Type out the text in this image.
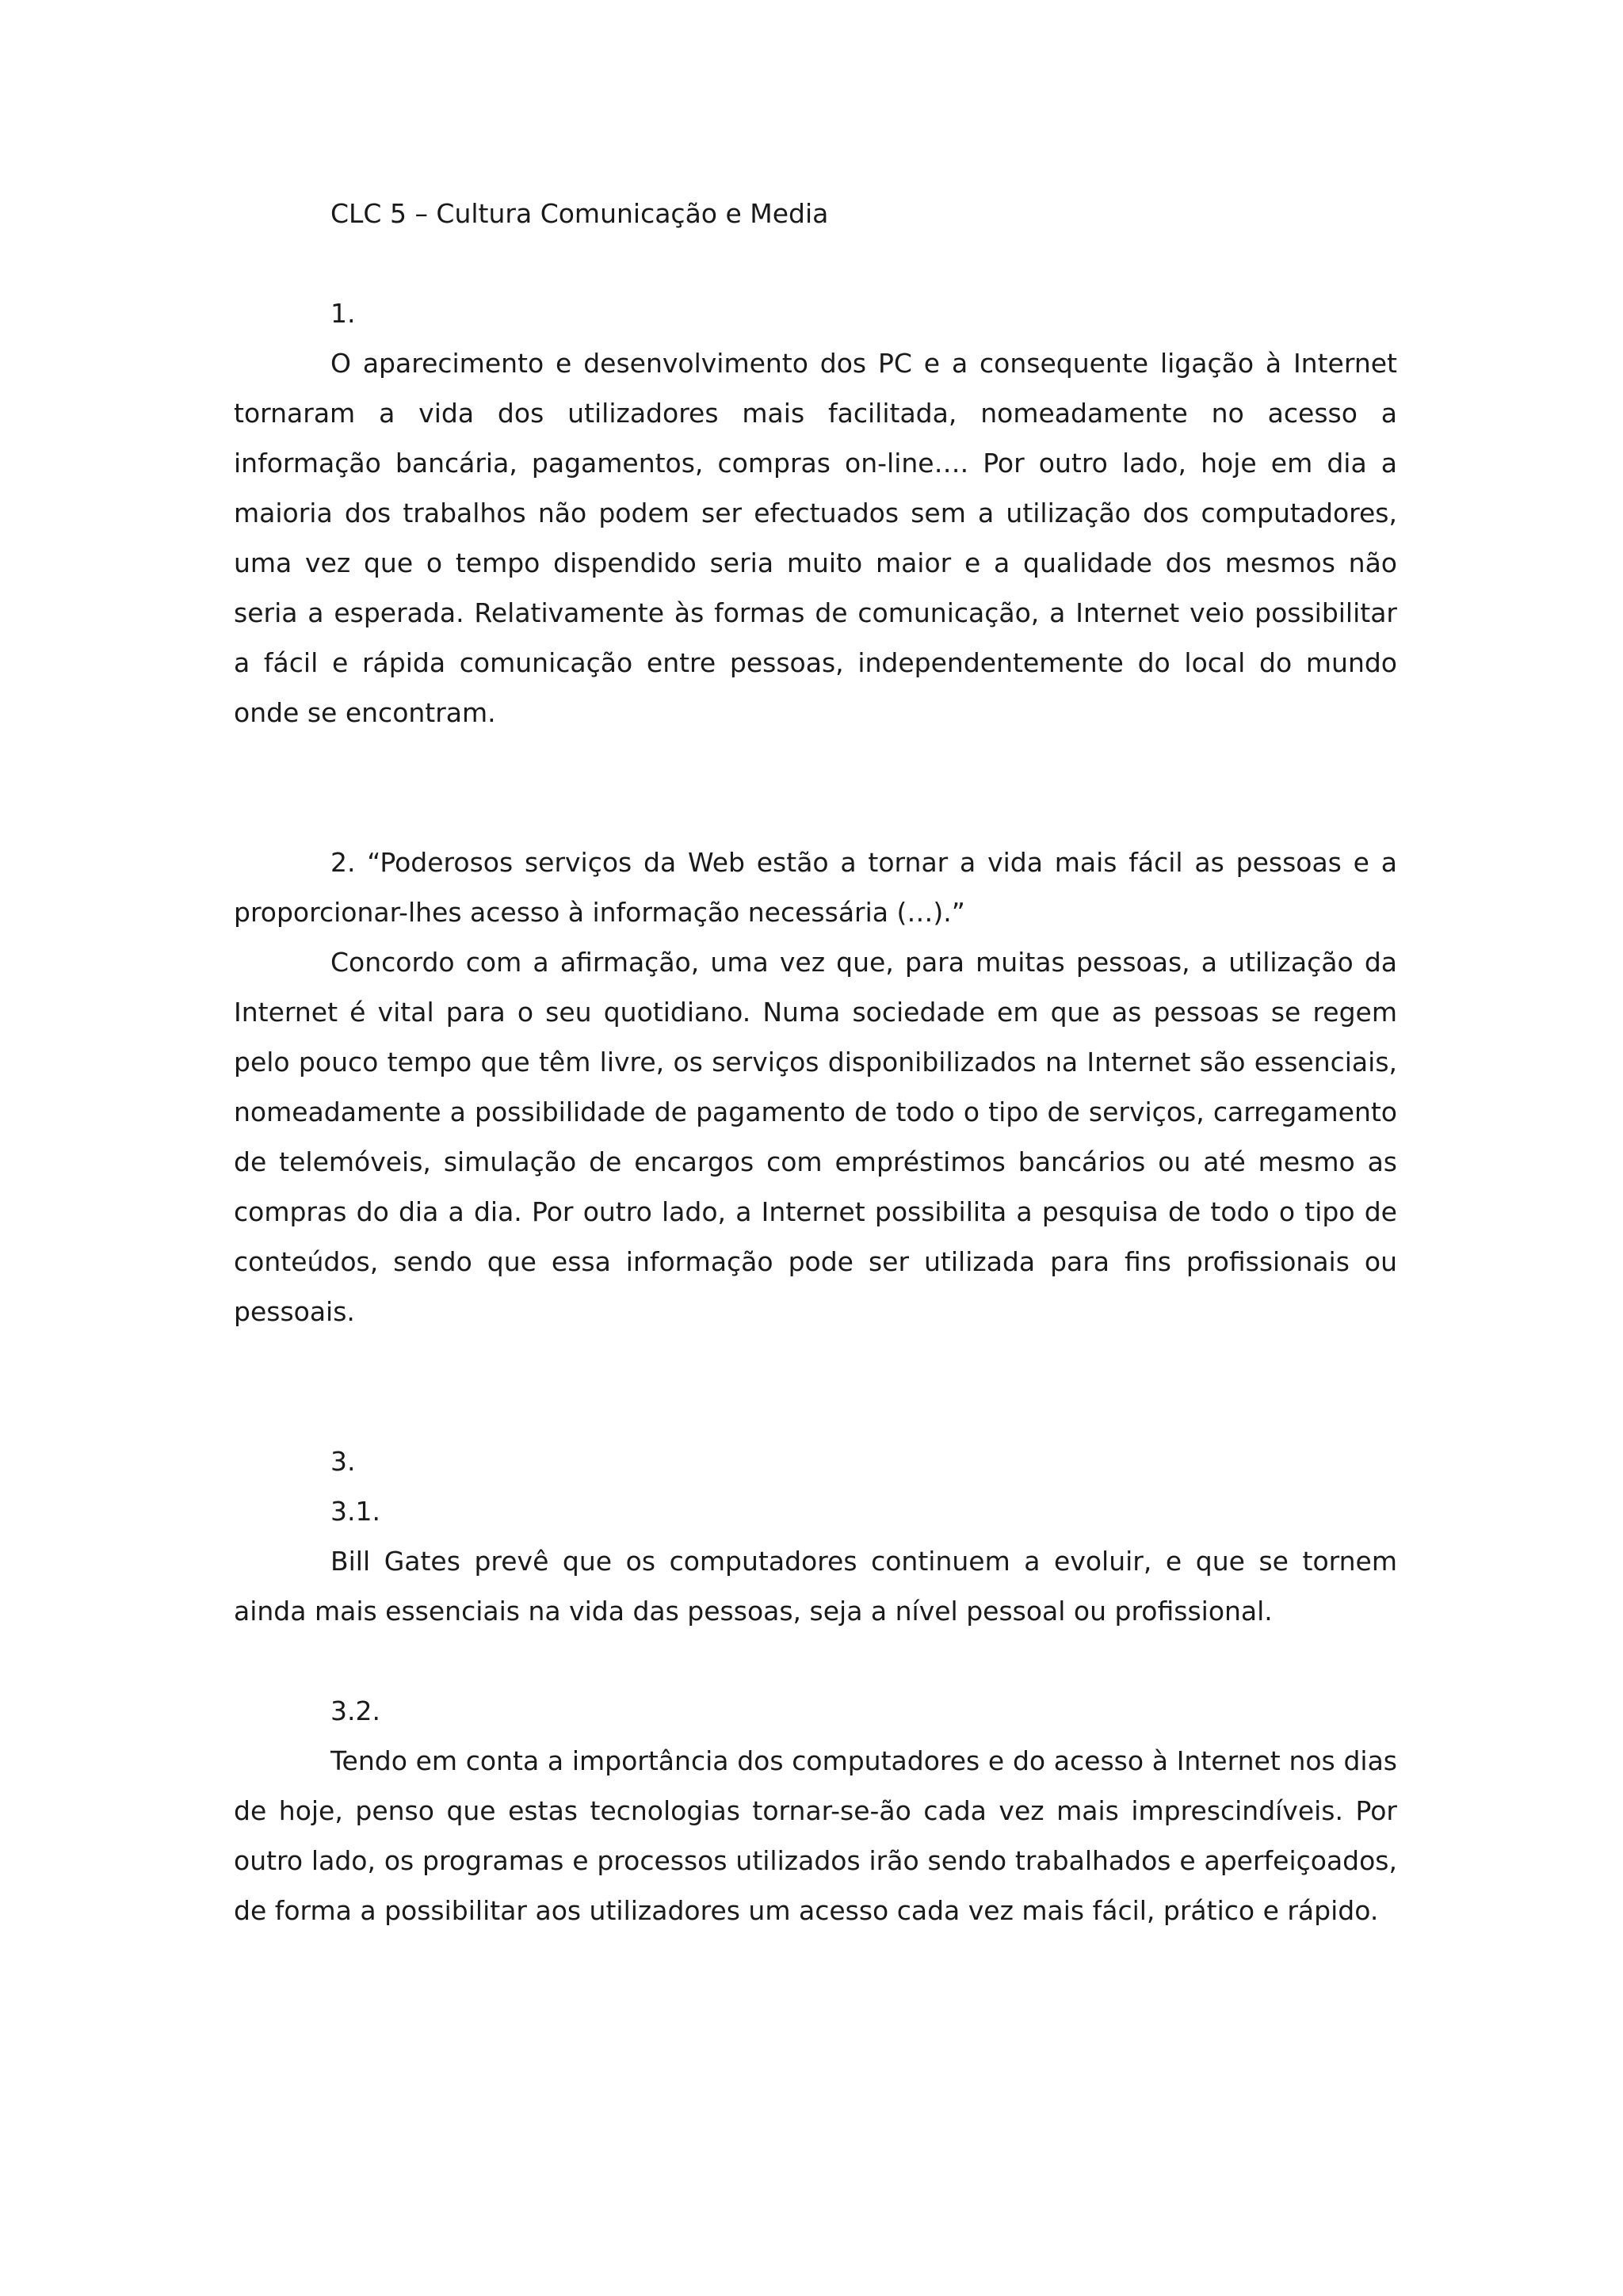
CLC 5 – Cultura Comunicação e Media

1.

O aparecimento e desenvolvimento dos PC e a consequente ligação à Internet tornaram a vida dos utilizadores mais facilitada, nomeadamente no acesso a informação bancária, pagamentos, compras on-line…. Por outro lado, hoje em dia a maioria dos trabalhos não podem ser efectuados sem a utilização dos computadores, uma vez que o tempo dispendido seria muito maior e a qualidade dos mesmos não seria a esperada. Relativamente às formas de comunicação, a Internet veio possibilitar a fácil e rápida comunicação entre pessoas, independentemente do local do mundo onde se encontram.

2. “Poderosos serviços da Web estão a tornar a vida mais fácil as pessoas e a proporcionar-lhes acesso à informação necessária (…).”

Concordo com a afirmação, uma vez que, para muitas pessoas, a utilização da Internet é vital para o seu quotidiano. Numa sociedade em que as pessoas se regem pelo pouco tempo que têm livre, os serviços disponibilizados na Internet são essenciais, nomeadamente a possibilidade de pagamento de todo o tipo de serviços, carregamento de telemóveis, simulação de encargos com empréstimos bancários ou até mesmo as compras do dia a dia. Por outro lado, a Internet possibilita a pesquisa de todo o tipo de conteúdos, sendo que essa informação pode ser utilizada para fins profissionais ou pessoais.

3.

3.1.

Bill Gates prevê que os computadores continuem a evoluir, e que se tornem ainda mais essenciais na vida das pessoas, seja a nível pessoal ou profissional.

3.2.

Tendo em conta a importância dos computadores e do acesso à Internet nos dias de hoje, penso que estas tecnologias tornar-se-ão cada vez mais imprescindíveis. Por outro lado, os programas e processos utilizados irão sendo trabalhados e aperfeiçoados, de forma a possibilitar aos utilizadores um acesso cada vez mais fácil, prático e rápido.
